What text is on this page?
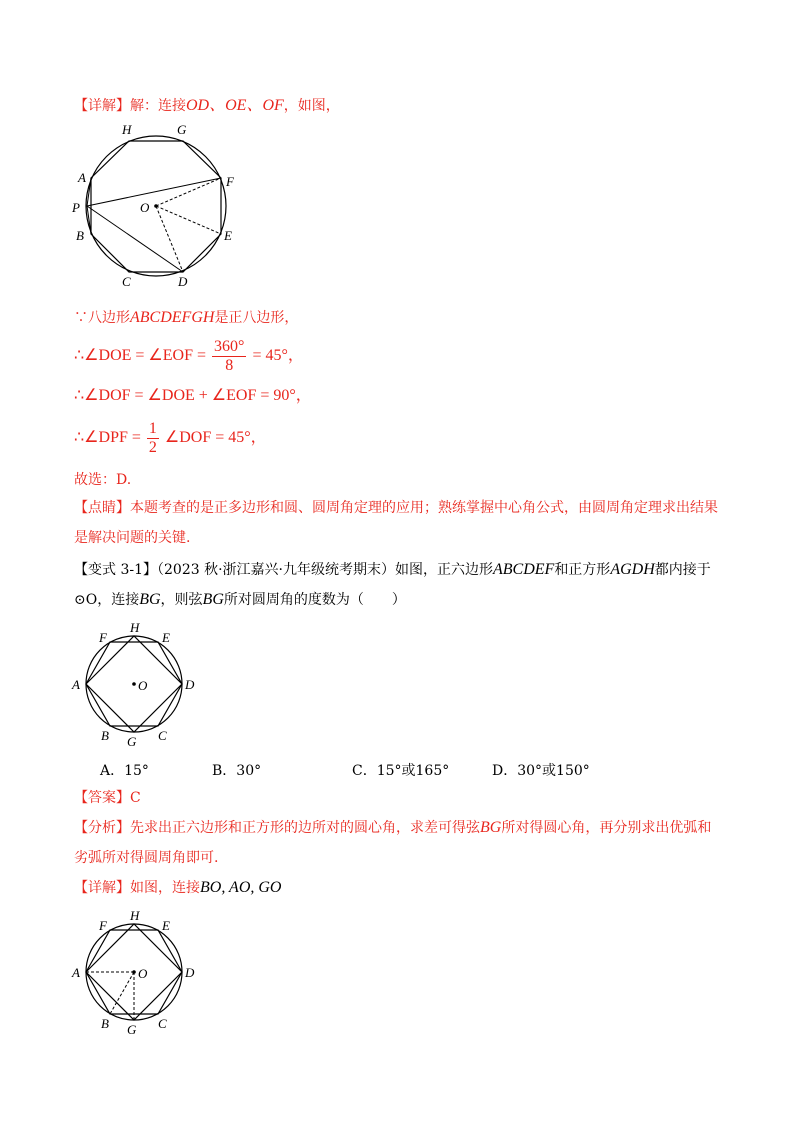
【详解】解：连接OD、OE、OF，如图，
H	G
A	F
P	O
B	E
C	D
∵八边形ABCDEFGH是正八边形，
∴∠DOE = ∠EOF = $\frac{360^\circ}{8} = 45^\circ$，
∴∠DOF = ∠DOE + ∠EOF = 90°，
∴∠DPF = $\frac{1}{2}$ ∠DOF = 45°，
故选：D.
【点睛】本题考查的是正多边形和圆、圆周角定理的应用；熟练掌握中心角公式，由圆周角定理求出结果
是解决问题的关键.
【变式 3-1】（2023 秋·浙江嘉兴·九年级统考期末）如图，正六边形ABCDEF和正方形AGDH都内接于
⊙O，连接BG，则弦BG所对圆周角的度数为（　　）
H
F	E
A	O	D
B G C
A．15°	B．30°	C．15°或165°	D．30°或150°
【答案】C
【分析】先求出正六边形和正方形的边所对的圆心角，求差可得弦BG所对得圆心角，再分别求出优弧和
劣弧所对得圆周角即可.
【详解】如图，连接BO, AO, GO
H
F	E
A	O	D
B G C
